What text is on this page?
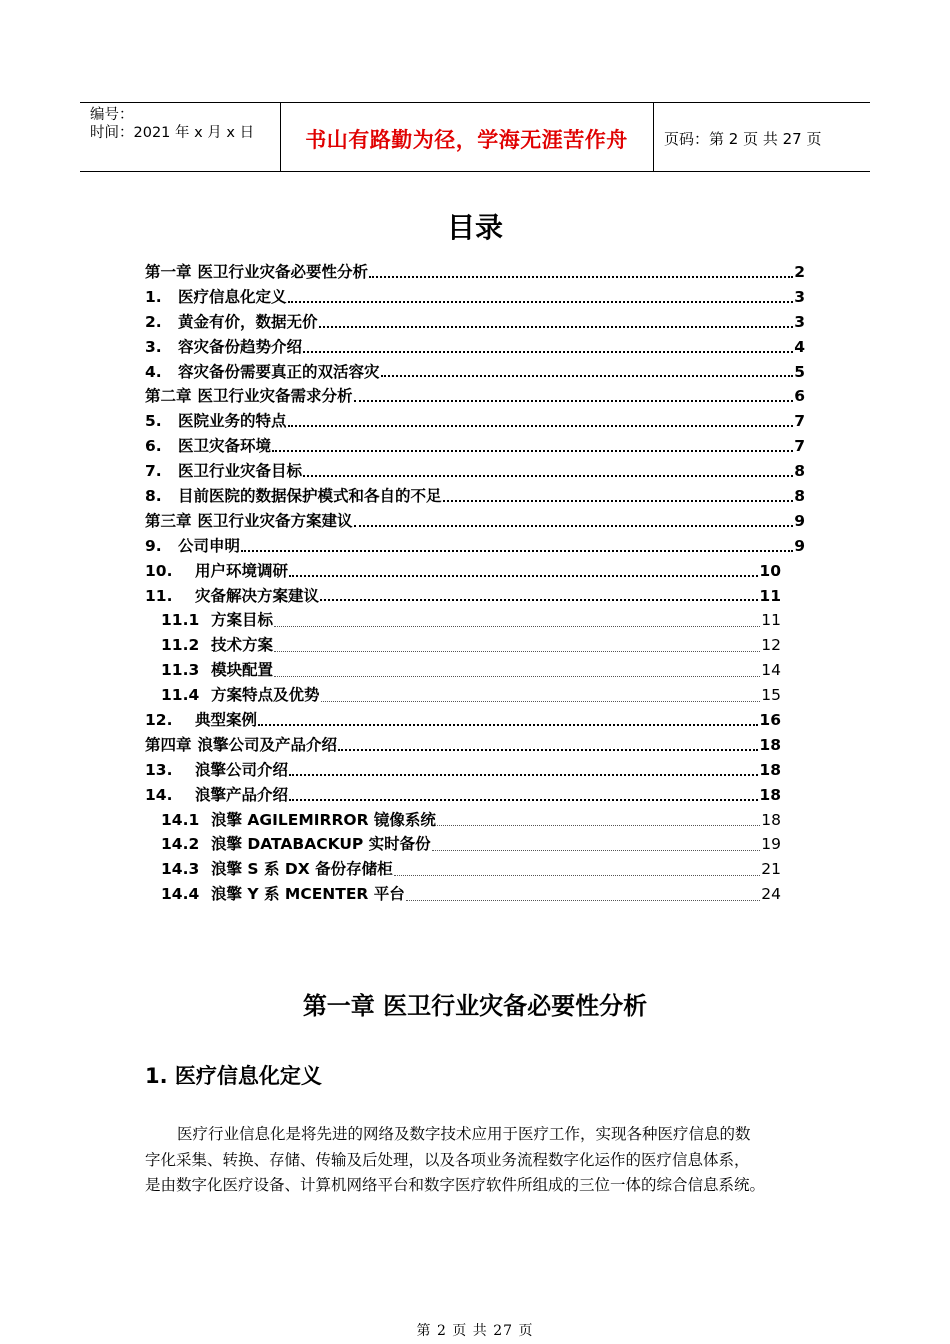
编号：
时间：2021 年 x 月 x 日	书山有路勤为径，学海无涯苦作舟	页码：第 2 页 共 27 页
目录
第一章 医卫行业灾备必要性分析	2
1.	医疗信息化定义	3
2.	黄金有价，数据无价	3
3.	容灾备份趋势介绍	4
4.	容灾备份需要真正的双活容灾	5
第二章 医卫行业灾备需求分析	6
5.	医院业务的特点	7
6.	医卫灾备环境	7
7.	医卫行业灾备目标	8
8.	目前医院的数据保护模式和各自的不足	8
第三章 医卫行业灾备方案建议	9
9.	公司申明	9
10.	用户环境调研	10
11.	灾备解决方案建议	11
11.1 方案目标	11
11.2 技术方案	12
11.3 模块配置	14
11.4 方案特点及优势	15
12.	典型案例	16
第四章 浪擎公司及产品介绍	18
13.	浪擎公司介绍	18
14.	浪擎产品介绍	18
14.1 浪擎 AGILEMIRROR 镜像系统	18
14.2 浪擎 DATABACKUP 实时备份	19
14.3 浪擎 S 系 DX 备份存储柜	21
14.4 浪擎 Y 系 MCENTER 平台	24
第一章 医卫行业灾备必要性分析
1. 医疗信息化定义
医疗行业信息化是将先进的网络及数字技术应用于医疗工作，实现各种医疗信息的数
字化采集、转换、存储、传输及后处理，以及各项业务流程数字化运作的医疗信息体系，
是由数字化医疗设备、计算机网络平台和数字医疗软件所组成的三位一体的综合信息系统。
第 2 页 共 27 页
